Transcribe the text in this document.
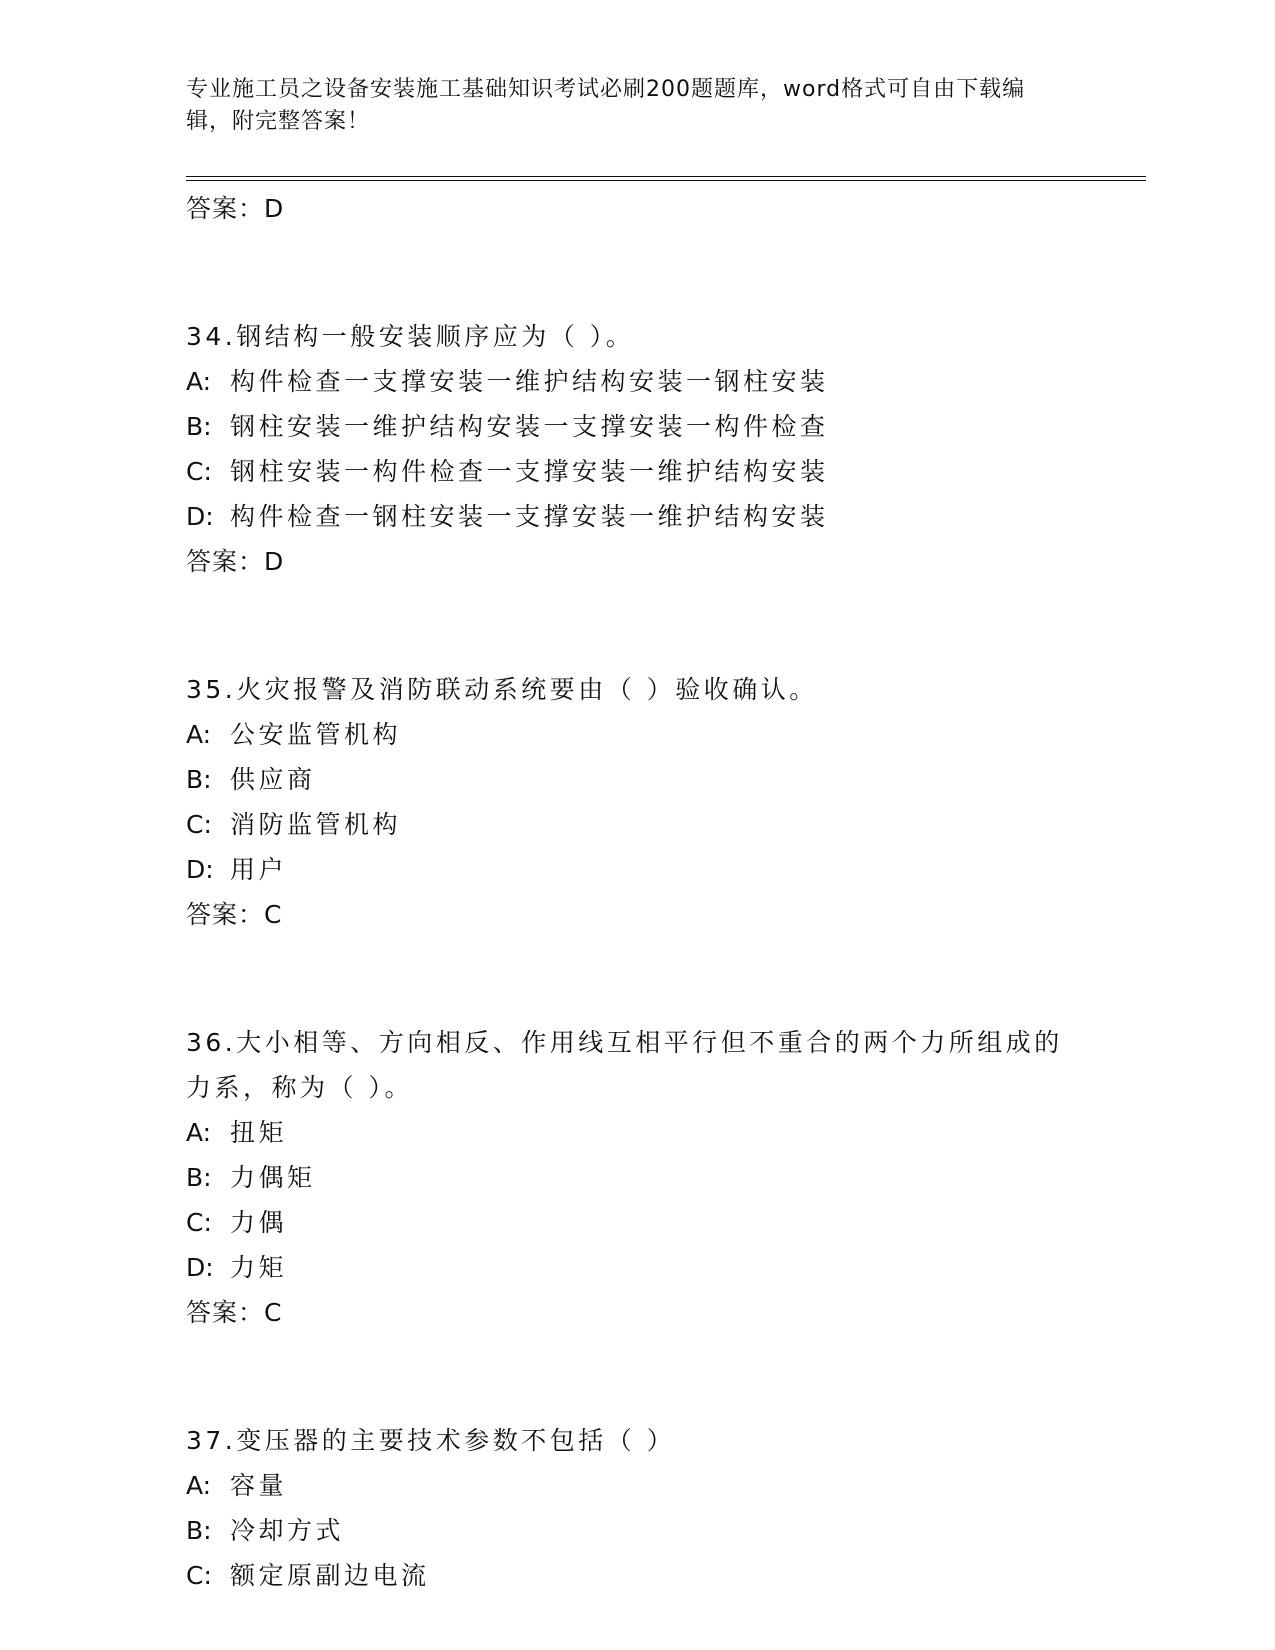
专业施工员之设备安装施工基础知识考试必刷200题题库，word格式可自由下载编辑，附完整答案！
答案：D
34.钢结构一般安装顺序应为（ ）。
A: 构件检查一支撑安装一维护结构安装一钢柱安装
B: 钢柱安装一维护结构安装一支撑安装一构件检查
C: 钢柱安装一构件检查一支撑安装一维护结构安装
D: 构件检查一钢柱安装一支撑安装一维护结构安装
答案：D
35.火灾报警及消防联动系统要由（ ）验收确认。
A: 公安监管机构
B: 供应商
C: 消防监管机构
D: 用户
答案：C
36.大小相等、方向相反、作用线互相平行但不重合的两个力所组成的力系，称为（ ）。
A: 扭矩
B: 力偶矩
C: 力偶
D: 力矩
答案：C
37.变压器的主要技术参数不包括（ ）
A: 容量
B: 冷却方式
C: 额定原副边电流
